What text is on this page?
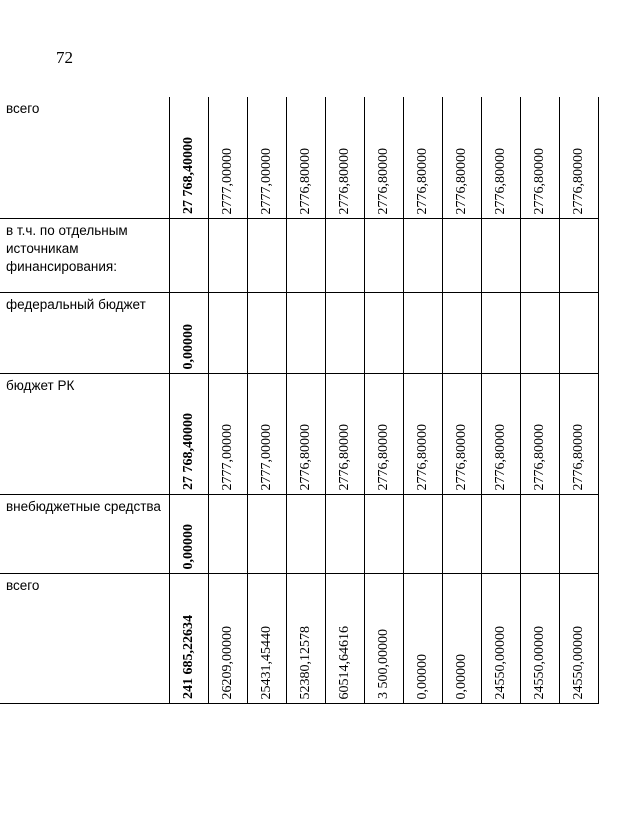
72
всего	27 768,40000	2777,00000	2777,00000	2776,80000	2776,80000	2776,80000	2776,80000	2776,80000	2776,80000	2776,80000	2776,80000

в т.ч. по отдельным источникам финансирования:	

федеральный бюджет	0,00000										

бюджет РК	27 768,40000	2777,00000	2777,00000	2776,80000	2776,80000	2776,80000	2776,80000	2776,80000	2776,80000	2776,80000	2776,80000

внебюджетные средства	0,00000										

всего	241 685,22634	26209,00000	25431,45440	52380,12578	60514,64616	3 500,00000	0,00000	0,00000	24550,00000	24550,00000	24550,00000
